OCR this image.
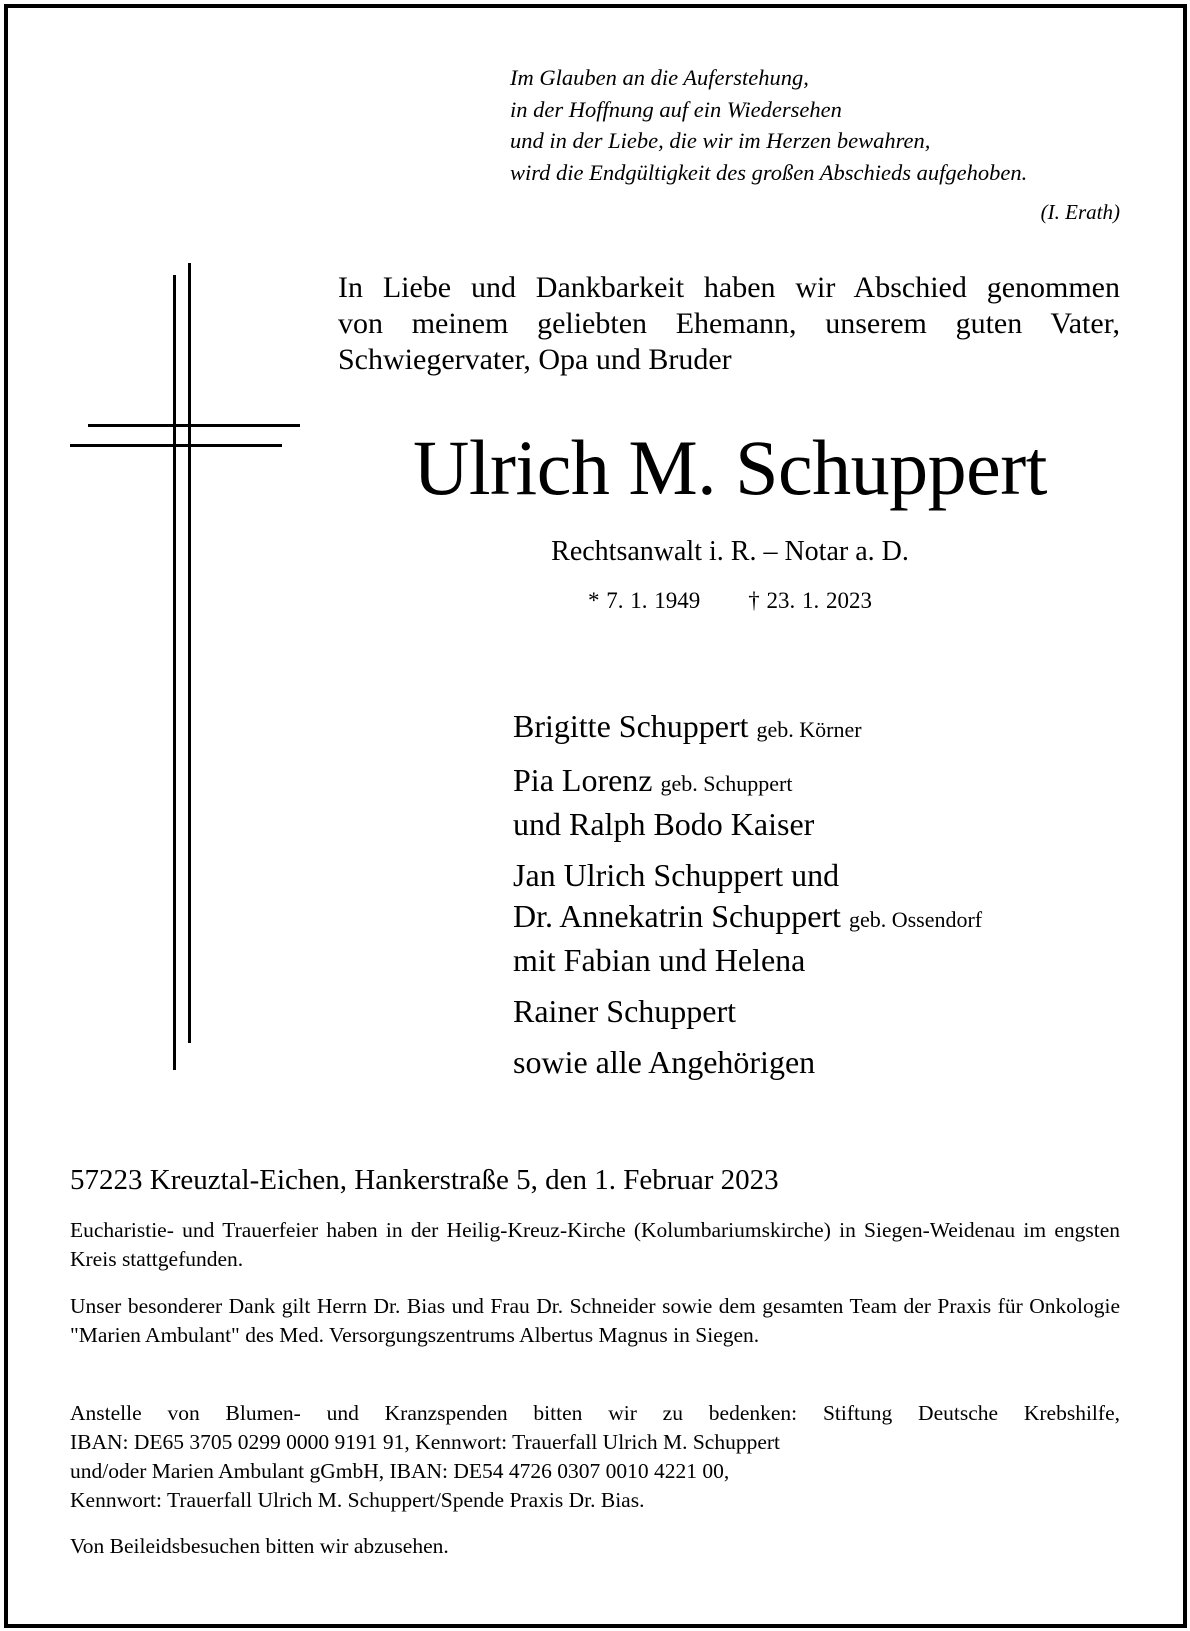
Im Glauben an die Auferstehung,
in der Hoffnung auf ein Wiedersehen
und in der Liebe, die wir im Herzen bewahren,
wird die Endgültigkeit des großen Abschieds aufgehoben.
(I. Erath)
In Liebe und Dankbarkeit haben wir Abschied genommen
von meinem geliebten Ehemann, unserem guten Vater,
Schwiegervater, Opa und Bruder
Ulrich M. Schuppert
Rechtsanwalt i. R. – Notar a. D.
* 7. 1. 1949 † 23. 1. 2023
Brigitte Schuppert geb. Körner
Pia Lorenz geb. Schuppert
und Ralph Bodo Kaiser
Jan Ulrich Schuppert und
Dr. Annekatrin Schuppert geb. Ossendorf
mit Fabian und Helena
Rainer Schuppert
sowie alle Angehörigen
57223 Kreuztal-Eichen, Hankerstraße 5, den 1. Februar 2023
Eucharistie- und Trauerfeier haben in der Heilig-Kreuz-Kirche (Kolumbariumskirche) in Siegen-Weidenau im engsten Kreis stattgefunden.
Unser besonderer Dank gilt Herrn Dr. Bias und Frau Dr. Schneider sowie dem gesamten Team der Praxis für Onkologie "Marien Ambulant" des Med. Versorgungszentrums Albertus Magnus in Siegen.
Anstelle von Blumen- und Kranzspenden bitten wir zu bedenken: Stiftung Deutsche Krebshilfe,
IBAN: DE65 3705 0299 0000 9191 91, Kennwort: Trauerfall Ulrich M. Schuppert
und/oder Marien Ambulant gGmbH, IBAN: DE54 4726 0307 0010 4221 00,
Kennwort: Trauerfall Ulrich M. Schuppert/Spende Praxis Dr. Bias.
Von Beileidsbesuchen bitten wir abzusehen.
